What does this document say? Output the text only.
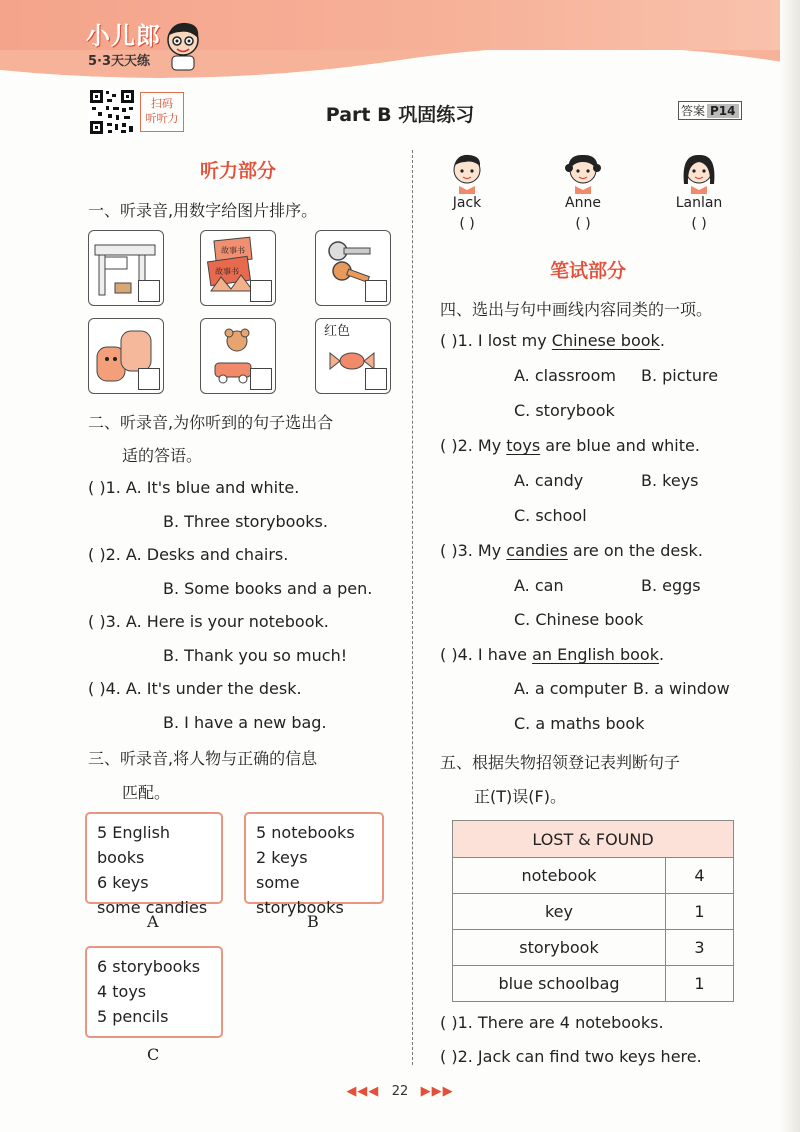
小儿郎
5·3天天练
扫码
听听力	Part B 巩固练习	答案 P14
听力部分
一、听录音,用数字给图片排序。
故事书
故事书
红色
二、听录音,为你听到的句子选出合
适的答语。
( )1. A. It's blue and white.
B. Three storybooks.
( )2. A. Desks and chairs.
B. Some books and a pen.
( )3. A. Here is your notebook.
B. Thank you so much!
( )4. A. It's under the desk.
B. I have a new bag.
三、听录音,将人物与正确的信息
匹配。
5 English books
6 keys
some candies
A
5 notebooks
2 keys
some storybooks
B
6 storybooks
4 toys
5 pencils
C
Jack	Anne	Lanlan
( )	( )	( )
笔试部分
四、选出与句中画线内容同类的一项。
( )1. I lost my Chinese book.
A. classroom B. picture
C. storybook
( )2. My toys are blue and white.
A. candy	B. keys
C. school
( )3. My candies are on the desk.
A. can	B. eggs
C. Chinese book
( )4. I have an English book.
A. a computer B. a window
C. a maths book
五、根据失物招领登记表判断句子
正(T)误(F)。
LOST & FOUND	
notebook	4
key	1
storybook	3
blue schoolbag	1
( )1. There are 4 notebooks.
( )2. Jack can find two keys here.
◀◀◀ 22 ▶▶▶
